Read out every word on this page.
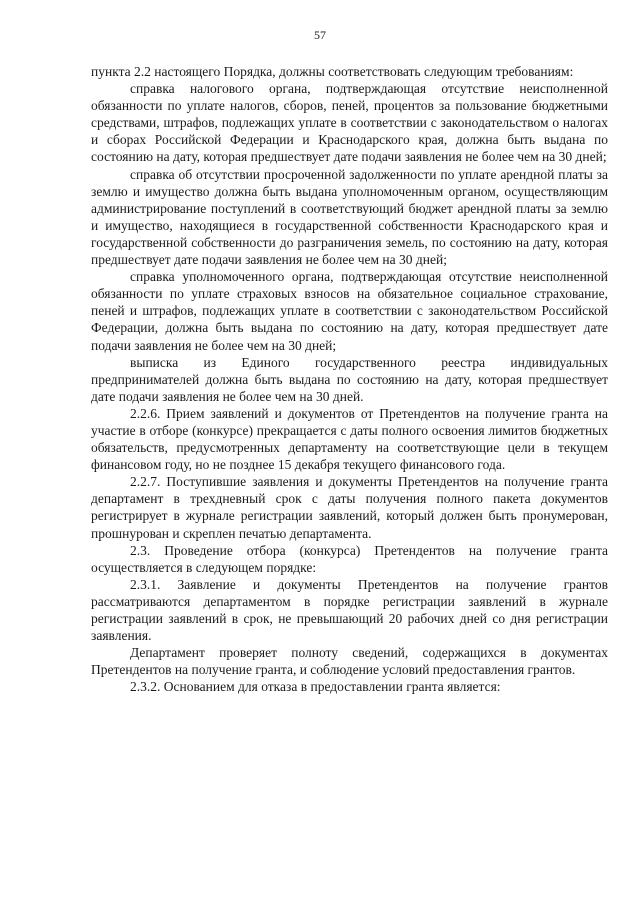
57

пункта 2.2 настоящего Порядка, должны соответствовать следующим требованиям:

справка налогового органа, подтверждающая отсутствие неисполненной обязанности по уплате налогов, сборов, пеней, процентов за пользование бюджетными средствами, штрафов, подлежащих уплате в соответствии с законодательством о налогах и сборах Российской Федерации и Краснодарского края, должна быть выдана по состоянию на дату, которая предшествует дате подачи заявления не более чем на 30 дней;

справка об отсутствии просроченной задолженности по уплате арендной платы за землю и имущество должна быть выдана уполномоченным органом, осуществляющим администрирование поступлений в соответствующий бюджет арендной платы за землю и имущество, находящиеся в государственной собственности Краснодарского края и государственной собственности до разграничения земель, по состоянию на дату, которая предшествует дате подачи заявления не более чем на 30 дней;

справка уполномоченного органа, подтверждающая отсутствие неисполненной обязанности по уплате страховых взносов на обязательное социальное страхование, пеней и штрафов, подлежащих уплате в соответствии с законодательством Российской Федерации, должна быть выдана по состоянию на дату, которая предшествует дате подачи заявления не более чем на 30 дней;

выписка из Единого государственного реестра индивидуальных предпринимателей должна быть выдана по состоянию на дату, которая предшествует дате подачи заявления не более чем на 30 дней.

2.2.6. Прием заявлений и документов от Претендентов на получение гранта на участие в отборе (конкурсе) прекращается с даты полного освоения лимитов бюджетных обязательств, предусмотренных департаменту на соответствующие цели в текущем финансовом году, но не позднее 15 декабря текущего финансового года.

2.2.7. Поступившие заявления и документы Претендентов на получение гранта департамент в трехдневный срок с даты получения полного пакета документов регистрирует в журнале регистрации заявлений, который должен быть пронумерован, прошнурован и скреплен печатью департамента.

2.3. Проведение отбора (конкурса) Претендентов на получение гранта осуществляется в следующем порядке:

2.3.1. Заявление и документы Претендентов на получение грантов рассматриваются департаментом в порядке регистрации заявлений в журнале регистрации заявлений в срок, не превышающий 20 рабочих дней со дня регистрации заявления.

Департамент проверяет полноту сведений, содержащихся в документах Претендентов на получение гранта, и соблюдение условий предоставления грантов.

2.3.2. Основанием для отказа в предоставлении гранта является:
